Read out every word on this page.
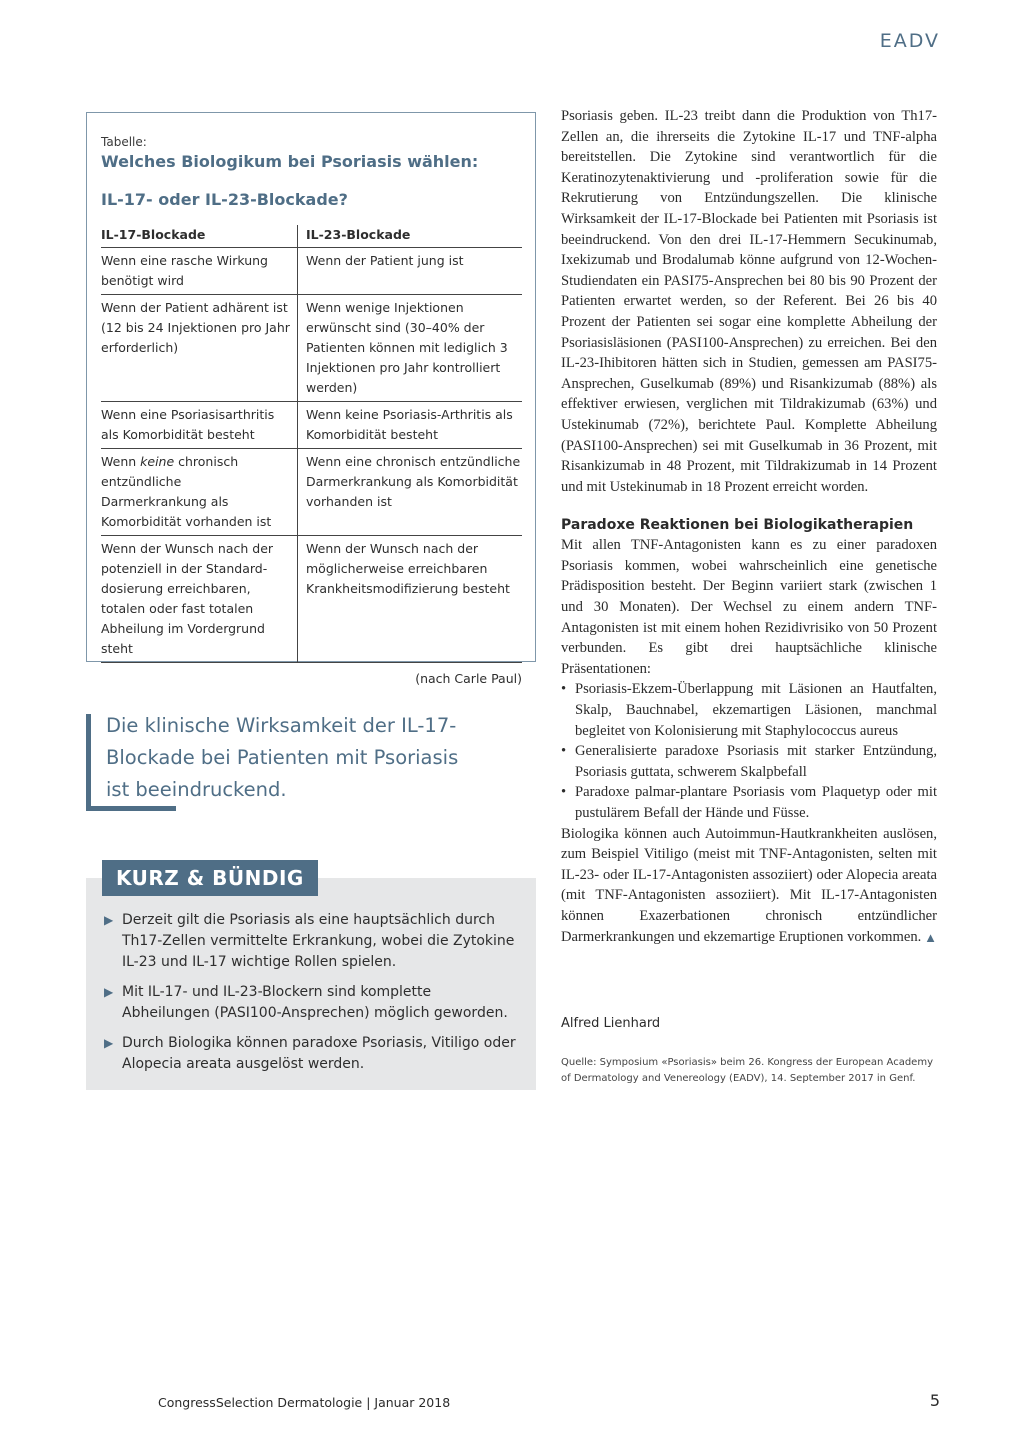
EADV
Tabelle:
Welches Biologikum bei Psoriasis wählen:
IL-17- oder IL-23-Blockade?
IL-17-Blockade	IL-23-Blockade
Wenn eine rasche Wirkung benötigt wird
Wenn der Patient jung ist
Wenn der Patient adhärent ist (12 bis 24 Injektionen pro Jahr erforderlich)
Wenn wenige Injektionen erwünscht sind (30–40% der Patienten können mit lediglich 3 Injektionen pro Jahr kontrolliert werden)
Wenn eine Psoriasisarthritis als Komorbidität besteht
Wenn keine Psoriasis-Arthritis als Komorbidität besteht
Wenn keine chronisch entzündliche Darmerkrankung als Komorbidität vorhanden ist
Wenn eine chronisch entzündliche Darmerkrankung als Komorbidität vorhanden ist
Wenn der Wunsch nach der potenziell in der Standard-dosierung erreichbaren, totalen oder fast totalen Abheilung im Vordergrund steht
Wenn der Wunsch nach der möglicherweise erreichbaren Krankheitsmodifizierung besteht
(nach Carle Paul)
Die klinische Wirksamkeit der IL-17-Blockade bei Patienten mit Psoriasis ist beeindruckend.
KURZ & BÜNDIG
▶ Derzeit gilt die Psoriasis als eine hauptsächlich durch Th17-Zellen vermittelte Erkrankung, wobei die Zytokine IL-23 und IL-17 wichtige Rollen spielen.
▶ Mit IL-17- und IL-23-Blockern sind komplette Abheilungen (PASI100-Ansprechen) möglich geworden.
▶ Durch Biologika können paradoxe Psoriasis, Vitiligo oder Alopecia areata ausgelöst werden.

Psoriasis geben. IL-23 treibt dann die Produktion von Th17-Zellen an, die ihrerseits die Zytokine IL-17 und TNF-alpha bereitstellen. Die Zytokine sind verantwortlich für die Keratinozytenaktivierung und -proliferation sowie für die Rekrutierung von Entzündungszellen. Die klinische Wirksamkeit der IL-17-Blockade bei Patienten mit Psoriasis ist beeindruckend. Von den drei IL-17-Hemmern Secukinumab, Ixekizumab und Brodalumab könne aufgrund von 12-Wochen-Studiendaten ein PASI75-Ansprechen bei 80 bis 90 Prozent der Patienten erwartet werden, so der Referent. Bei 26 bis 40 Prozent der Patienten sei sogar eine komplette Abheilung der Psoriasisläsionen (PASI100-Ansprechen) zu erreichen. Bei den IL-23-Ihibitoren hätten sich in Studien, gemessen am PASI75-Ansprechen, Guselkumab (89%) und Risankizumab (88%) als effektiver erwiesen, verglichen mit Tildrakizumab (63%) und Ustekinumab (72%), berichtete Paul. Komplette Abheilung (PASI100-Ansprechen) sei mit Guselkumab in 36 Prozent, mit Risankizumab in 48 Prozent, mit Tildrakizumab in 14 Prozent und mit Ustekinumab in 18 Prozent erreicht worden.

Paradoxe Reaktionen bei Biologikatherapien

Mit allen TNF-Antagonisten kann es zu einer paradoxen Psoriasis kommen, wobei wahrscheinlich eine genetische Prädisposition besteht. Der Beginn variiert stark (zwischen 1 und 30 Monaten). Der Wechsel zu einem andern TNF-Antagonisten ist mit einem hohen Rezidivrisiko von 50 Prozent verbunden. Es gibt drei hauptsächliche klinische Präsentationen:

• Psoriasis-Ekzem-Überlappung mit Läsionen an Hautfalten, Skalp, Bauchnabel, ekzemartigen Läsionen, manchmal begleitet von Kolonisierung mit Staphylococcus aureus
• Generalisierte paradoxe Psoriasis mit starker Entzündung, Psoriasis guttata, schwerem Skalpbefall
• Paradoxe palmar-plantare Psoriasis vom Plaquetyp oder mit pustulärem Befall der Hände und Füsse.

Biologika können auch Autoimmun-Hautkrankheiten auslösen, zum Beispiel Vitiligo (meist mit TNF-Antagonisten, selten mit IL-23- oder IL-17-Antagonisten assoziiert) oder Alopecia areata (mit TNF-Antagonisten assoziiert). Mit IL-17-Antagonisten können Exazerbationen chronisch entzündlicher Darmerkrankungen und ekzemartige Eruptionen vorkommen. ▲

Alfred Lienhard
Quelle: Symposium «Psoriasis» beim 26. Kongress der European Academy of Dermatology and Venereology (EADV), 14. September 2017 in Genf.
CongressSelection Dermatologie | Januar 2018	5
